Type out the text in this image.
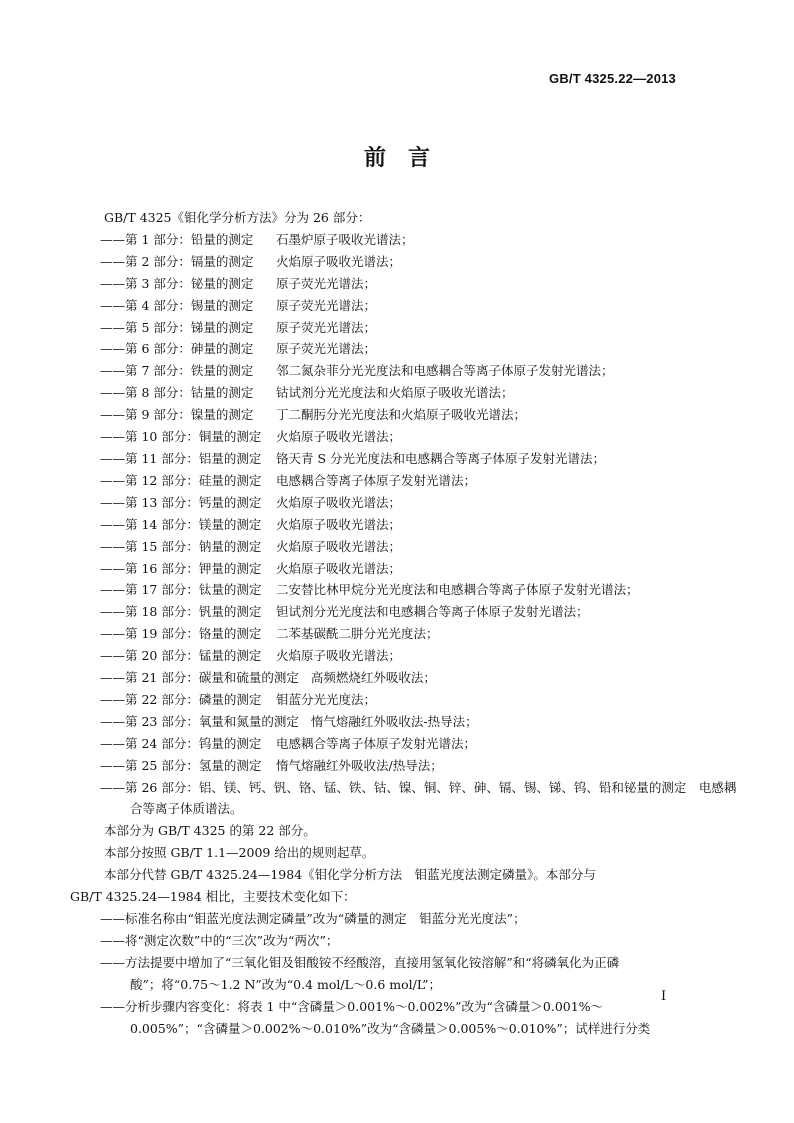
GB/T 4325.22—2013
前言
GB/T 4325《钼化学分析方法》分为 26 部分：
——第 1 部分：铅量的测定 石墨炉原子吸收光谱法；
——第 2 部分：镉量的测定 火焰原子吸收光谱法；
——第 3 部分：铋量的测定 原子荧光光谱法；
——第 4 部分：锡量的测定 原子荧光光谱法；
——第 5 部分：锑量的测定 原子荧光光谱法；
——第 6 部分：砷量的测定 原子荧光光谱法；
——第 7 部分：铁量的测定 邻二氮杂菲分光光度法和电感耦合等离子体原子发射光谱法；
——第 8 部分：钴量的测定 钴试剂分光光度法和火焰原子吸收光谱法；
——第 9 部分：镍量的测定 丁二酮肟分光光度法和火焰原子吸收光谱法；
——第 10 部分：铜量的测定 火焰原子吸收光谱法；
——第 11 部分：铝量的测定 铬天青 S 分光光度法和电感耦合等离子体原子发射光谱法；
——第 12 部分：硅量的测定 电感耦合等离子体原子发射光谱法；
——第 13 部分：钙量的测定 火焰原子吸收光谱法；
——第 14 部分：镁量的测定 火焰原子吸收光谱法；
——第 15 部分：钠量的测定 火焰原子吸收光谱法；
——第 16 部分：钾量的测定 火焰原子吸收光谱法；
——第 17 部分：钛量的测定 二安替比林甲烷分光光度法和电感耦合等离子体原子发射光谱法；
——第 18 部分：钒量的测定 钽试剂分光光度法和电感耦合等离子体原子发射光谱法；
——第 19 部分：铬量的测定 二苯基碳酰二肼分光光度法；
——第 20 部分：锰量的测定 火焰原子吸收光谱法；
——第 21 部分：碳量和硫量的测定 高频燃烧红外吸收法；
——第 22 部分：磷量的测定 钼蓝分光光度法；
——第 23 部分：氧量和氮量的测定 惰气熔融红外吸收法-热导法；
——第 24 部分：钨量的测定 电感耦合等离子体原子发射光谱法；
——第 25 部分：氢量的测定 惰气熔融红外吸收法/热导法；
——第 26 部分：铝、镁、钙、钒、铬、锰、铁、钴、镍、铜、锌、砷、镉、锡、锑、钨、铅和铋量的测定　电感耦
合等离子体质谱法。
本部分为 GB/T 4325 的第 22 部分。
本部分按照 GB/T 1.1—2009 给出的规则起草。
本部分代替 GB/T 4325.24—1984《钼化学分析方法　钼蓝光度法测定磷量》。本部分与
GB/T 4325.24—1984 相比，主要技术变化如下：
——标准名称由“钼蓝光度法测定磷量”改为“磷量的测定　钼蓝分光光度法”；
——将“测定次数”中的“三次”改为“两次”；
——方法提要中增加了“三氧化钼及钼酸铵不经酸溶，直接用氢氧化铵溶解”和“将磷氧化为正磷
酸”；将“0.75～1.2 N”改为“0.4 mol/L～0.6 mol/L”；
——分析步骤内容变化：将表 1 中“含磷量＞0.001%～0.002%”改为“含磷量＞0.001%～
0.005%”；“含磷量＞0.002%～0.010%”改为“含磷量＞0.005%～0.010%”；试样进行分类
I
